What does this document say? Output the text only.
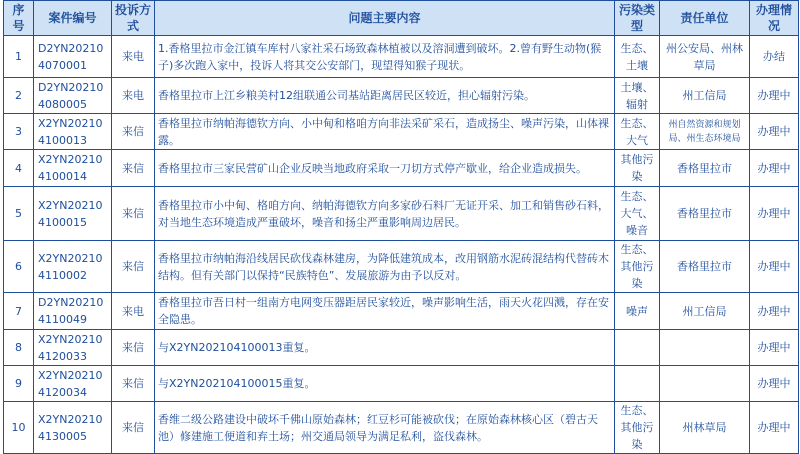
序号	案件编号	投诉方式	问题主要内容	污染类型	责任单位	办理情况
1	D2YN202104070001	来电	1.香格里拉市金江镇车库村八家社采石场致森林植被以及溶洞遭到破坏。2.曾有野生动物(猴子)多次跑入家中，投诉人将其交公安部门，现望得知猴子现状。	生态、土壤	州公安局、州林草局	办结
2	D2YN202104080005	来电	香格里拉市上江乡粮美村12组联通公司基站距离居民区较近，担心辐射污染。	土壤、辐射	州工信局	办理中
3	X2YN202104100013	来信	香格里拉市纳帕海德钦方向、小中甸和格咱方向非法采矿采石，造成扬尘、噪声污染，山体裸露。	生态、大气	州自然资源和规划局、州生态环境局	办理中
4	X2YN202104100014	来信	香格里拉市三家民营矿山企业反映当地政府采取一刀切方式停产歇业，给企业造成损失。	其他污染	香格里拉市	办理中
5	X2YN202104100015	来信	香格里拉市小中甸、格咱方向、纳帕海德钦方向多家砂石料厂无证开采、加工和销售砂石料，对当地生态环境造成严重破坏，噪音和扬尘严重影响周边居民。	生态、大气、噪音	香格里拉市	办理中
6	X2YN202104110002	来信	香格里拉市纳帕海沿线居民砍伐森林建房，为降低建筑成本，改用钢筋水泥砖混结构代替砖木结构。但有关部门以保持“民族特色”、发展旅游为由予以反对。	生态、其他污染	香格里拉市	办理中
7	D2YN202104110049	来电	香格里拉市吾日村一组南方电网变压器距居民家较近，噪声影响生活，雨天火花四溅，存在安全隐患。	噪声	州工信局	办理中
8	X2YN202104120033	来信	与X2YN202104100013重复。			办理中
9	X2YN202104120034	来信	与X2YN202104100015重复。			办理中
10	X2YN202104130005	来信	香维二级公路建设中破坏千佛山原始森林；红豆杉可能被砍伐；在原始森林核心区（碧古天池）修建施工便道和弃土场；州交通局领导为满足私利，盗伐森林。	生态、其他污染	州林草局	办理中
